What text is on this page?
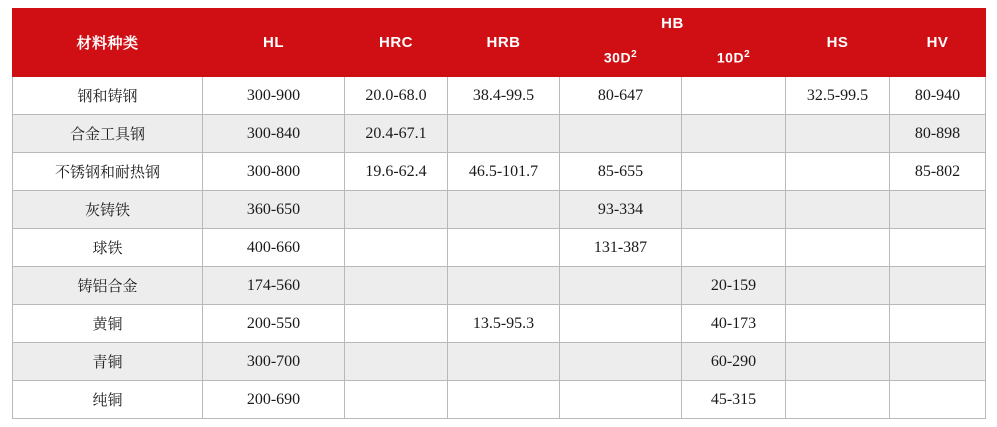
材料种类	HL	HRC	HRB	HB		HS	HV
				$30D^2$	$10D^2$
钢和铸钢	300-900	20.0-68.0	38.4-99.5	80-647		32.5-99.5	80-940
合金工具钢	300-840	20.4-67.1					80-898
不锈钢和耐热钢	300-800	19.6-62.4	46.5-101.7	85-655			85-802
灰铸铁	360-650			93-334			
球铁	400-660			131-387			
铸铝合金	174-560				20-159		
黄铜	200-550		13.5-95.3		40-173		
青铜	300-700				60-290		
纯铜	200-690				45-315		
